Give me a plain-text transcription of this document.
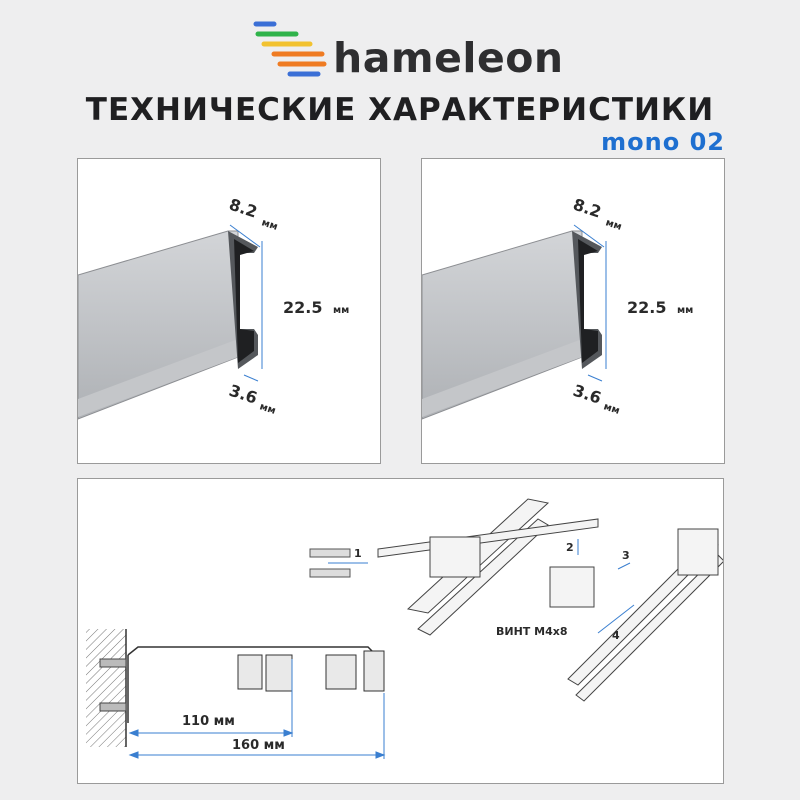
hameleon
ТЕХНИЧЕСКИЕ ХАРАКТЕРИСТИКИ
mono 02
8.2
мм
22.5 мм
3.6
мм
8.2
мм
22.5 мм
3.6
мм
110 мм
160 мм
1	2
3
4
ВИНТ M4x8
